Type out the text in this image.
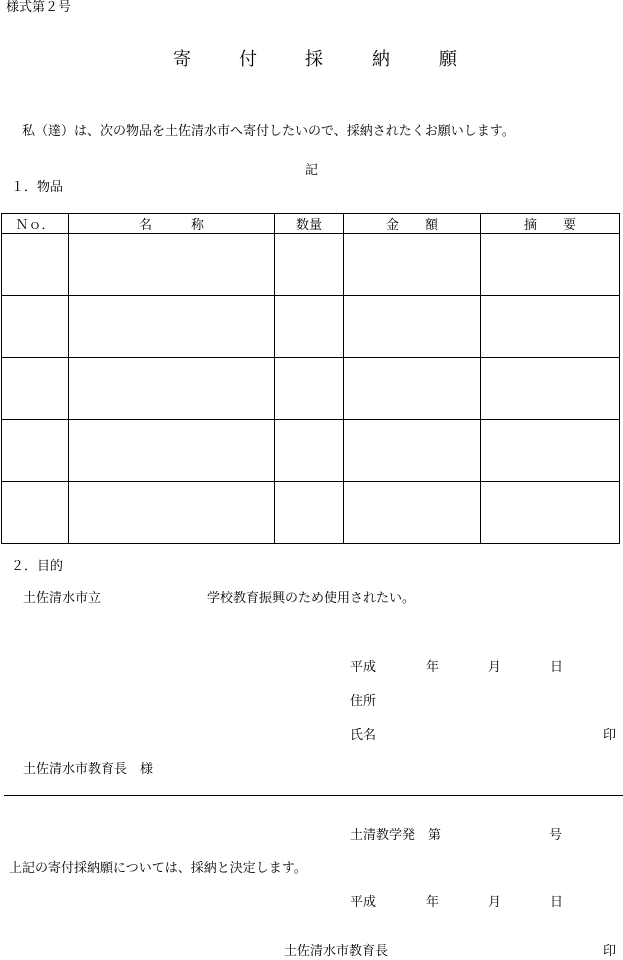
様式第２号
寄	付	採	納	願
私（達）は、次の物品を土佐清水市へ寄付したいので、採納されたくお願いします。
記
１．物品
Ｎｏ．	名　　　称	数量	金　　額	摘　　要

２．目的
土佐清水市立	学校教育振興のため使用されたい。
平成	年	月	日
住所
氏名	印
土佐清水市教育長　様
土清教学発　第	号
上記の寄付採納願については、採納と決定します。
平成	年	月	日
土佐清水市教育長	印
